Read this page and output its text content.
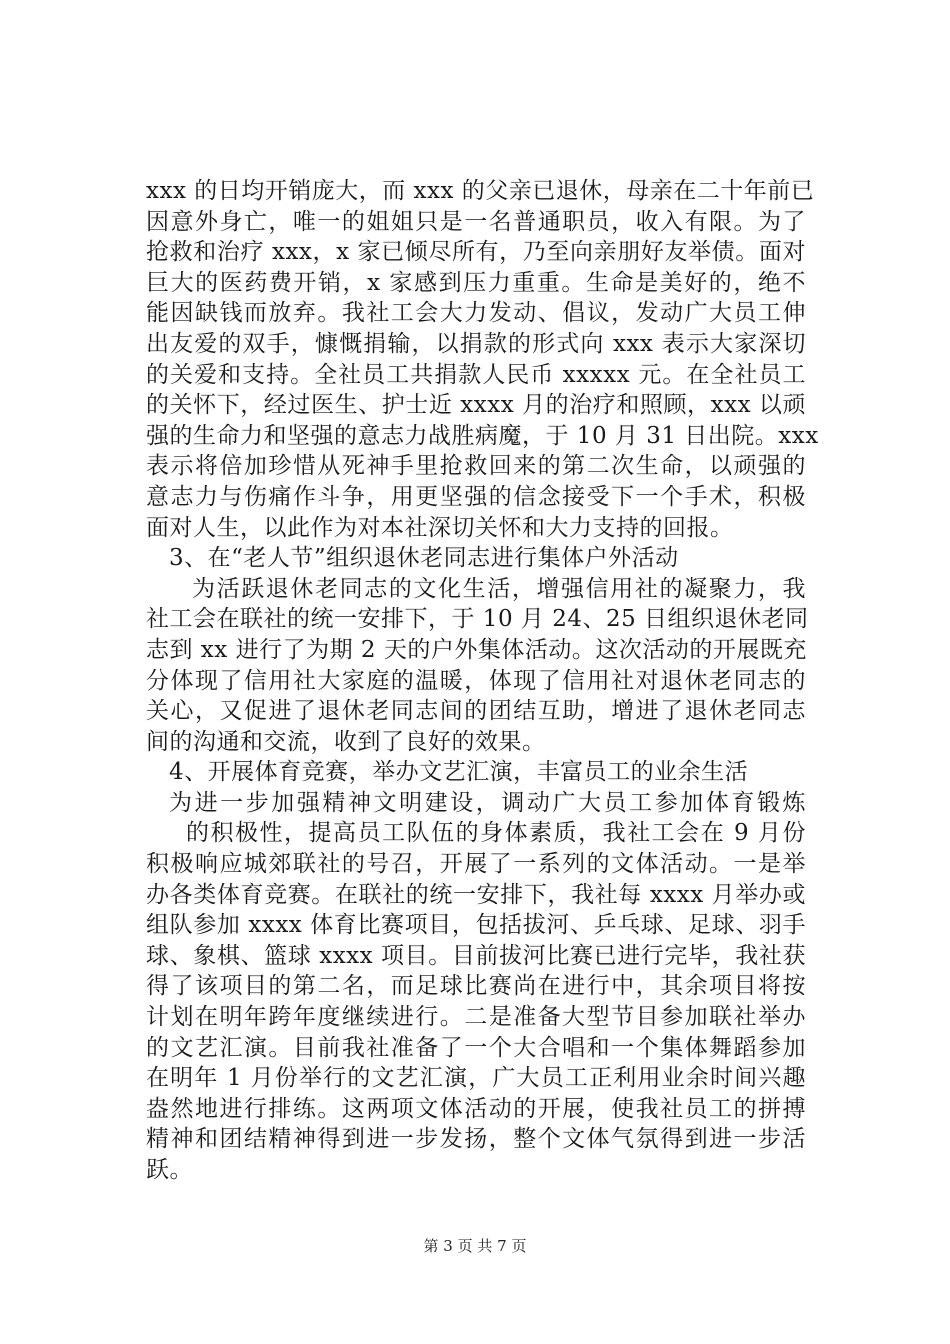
xxx 的日均开销庞大，而 xxx 的父亲已退休，母亲在二十年前已
因意外身亡，唯一的姐姐只是一名普通职员，收入有限。为了
抢救和治疗 xxx，x 家已倾尽所有，乃至向亲朋好友举债。面对
巨大的医药费开销，x 家感到压力重重。生命是美好的，绝不
能因缺钱而放弃。我社工会大力发动、倡议，发动广大员工伸
出友爱的双手，慷慨捐输，以捐款的形式向 xxx 表示大家深切
的关爱和支持。全社员工共捐款人民币 xxxxx 元。在全社员工
的关怀下，经过医生、护士近 xxxx 月的治疗和照顾，xxx 以顽
强的生命力和坚强的意志力战胜病魔，于 10 月 31 日出院。xxx
表示将倍加珍惜从死神手里抢救回来的第二次生命，以顽强的
意志力与伤痛作斗争，用更坚强的信念接受下一个手术，积极
面对人生，以此作为对本社深切关怀和大力支持的回报。
3、在“老人节”组织退休老同志进行集体户外活动
为活跃退休老同志的文化生活，增强信用社的凝聚力，我
社工会在联社的统一安排下，于 10 月 24、25 日组织退休老同
志到 xx 进行了为期 2 天的户外集体活动。这次活动的开展既充
分体现了信用社大家庭的温暖，体现了信用社对退休老同志的
关心，又促进了退休老同志间的团结互助，增进了退休老同志
间的沟通和交流，收到了良好的效果。
4、开展体育竞赛，举办文艺汇演，丰富员工的业余生活
为进一步加强精神文明建设，调动广大员工参加体育锻炼
的积极性，提高员工队伍的身体素质，我社工会在 9 月份
积极响应城郊联社的号召，开展了一系列的文体活动。一是举
办各类体育竞赛。在联社的统一安排下，我社每 xxxx 月举办或
组队参加 xxxx 体育比赛项目，包括拔河、乒乓球、足球、羽手
球、象棋、篮球 xxxx 项目。目前拔河比赛已进行完毕，我社获
得了该项目的第二名，而足球比赛尚在进行中，其余项目将按
计划在明年跨年度继续进行。二是准备大型节目参加联社举办
的文艺汇演。目前我社准备了一个大合唱和一个集体舞蹈参加
在明年 1 月份举行的文艺汇演，广大员工正利用业余时间兴趣
盎然地进行排练。这两项文体活动的开展，使我社员工的拼搏
精神和团结精神得到进一步发扬，整个文体气氛得到进一步活
跃。
第 3 页 共 7 页
